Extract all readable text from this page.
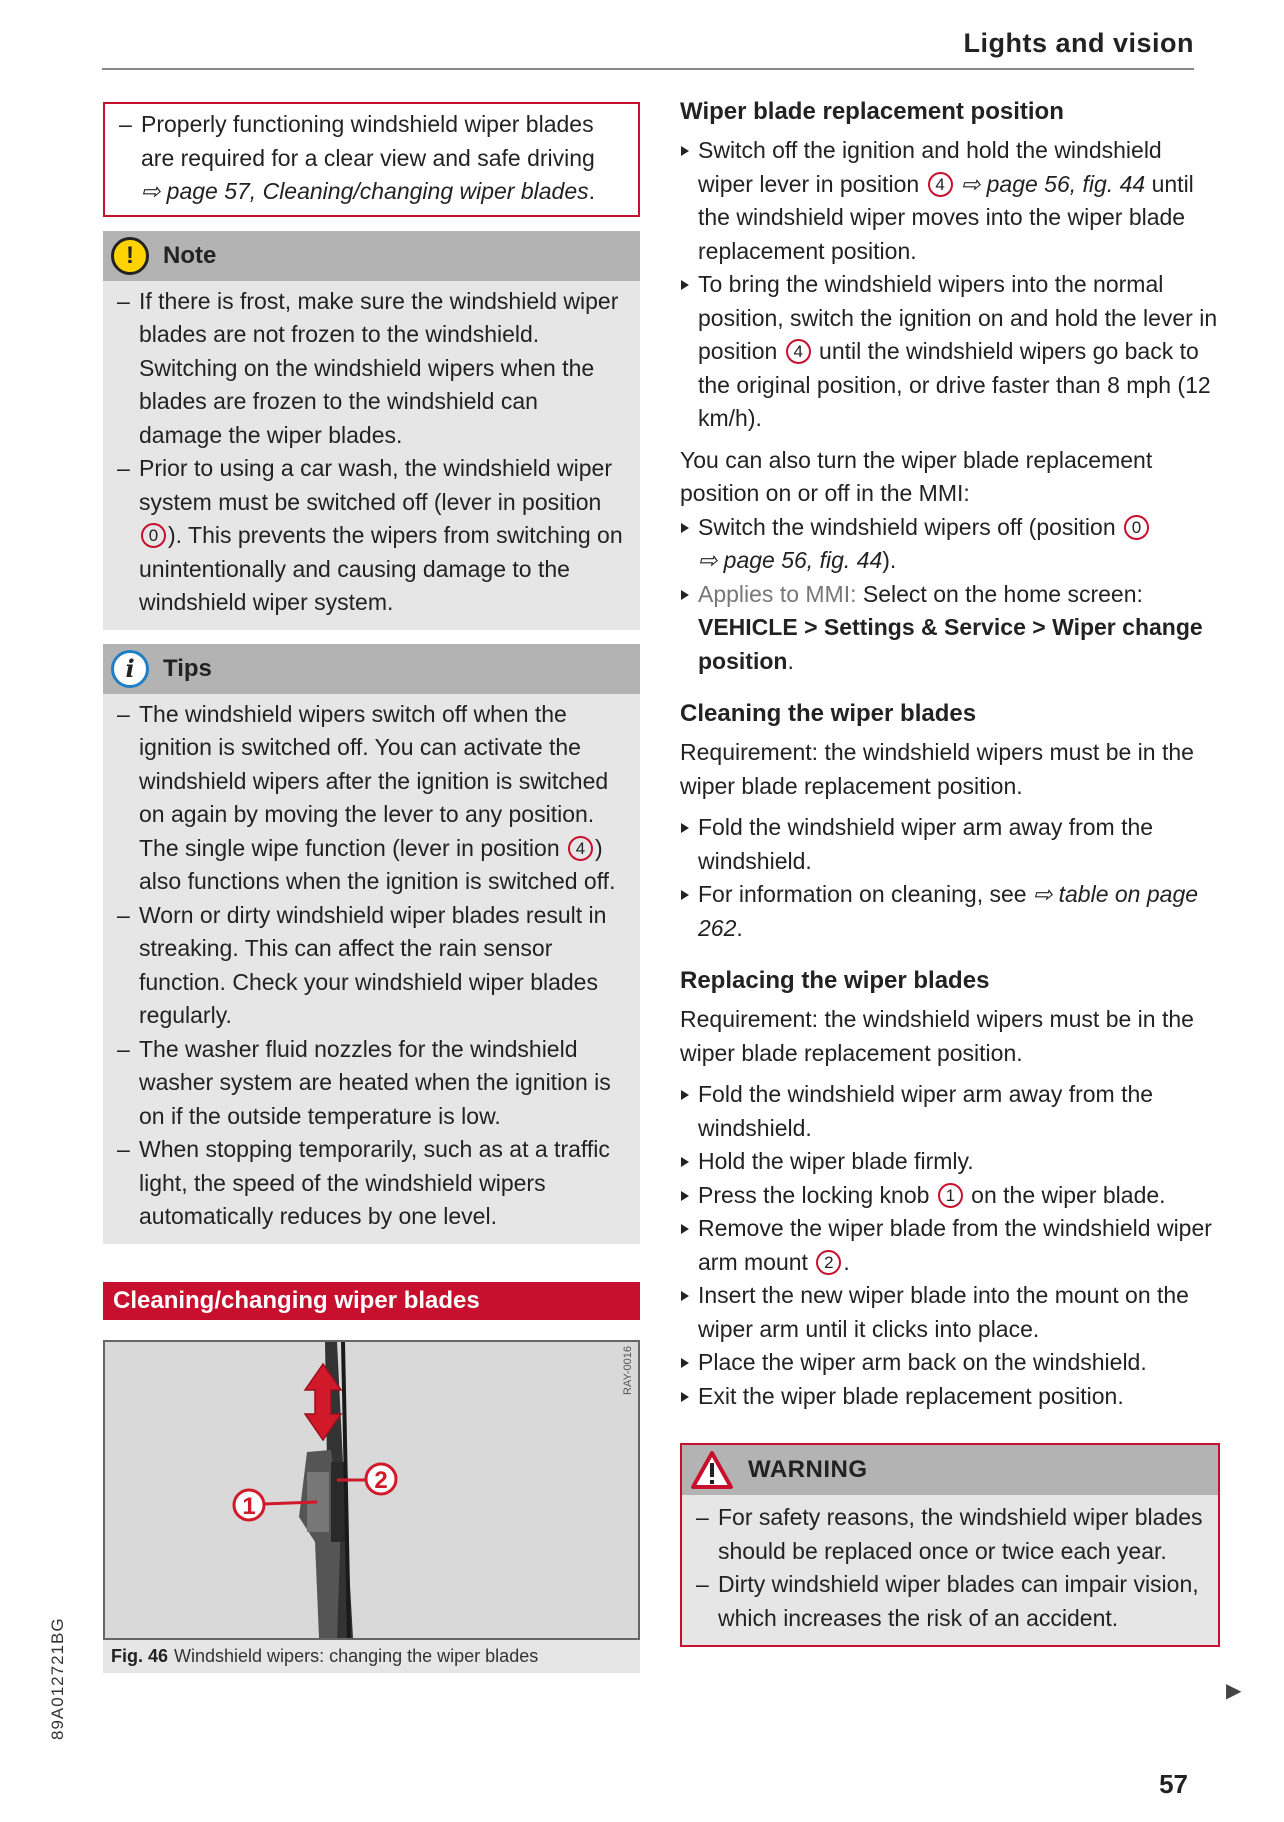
Lights and vision
– Properly functioning windshield wiper blades are required for a clear view and safe driving ⇨ page 57, Cleaning/changing wiper blades.
!	Note
– If there is frost, make sure the windshield wiper blades are not frozen to the windshield. Switching on the windshield wipers when the blades are frozen to the windshield can damage the wiper blades.
– Prior to using a car wash, the windshield wiper system must be switched off (lever in position 0 ). This prevents the wipers from switching on unintentionally and causing damage to the windshield wiper system.
i	Tips
– The windshield wipers switch off when the ignition is switched off. You can activate the windshield wipers after the ignition is switched on again by moving the lever to any position. The single wipe function (lever in position 4 ) also functions when the ignition is switched off.
– Worn or dirty windshield wiper blades result in streaking. This can affect the rain sensor function. Check your windshield wiper blades regularly.
– The washer fluid nozzles for the windshield washer system are heated when the ignition is on if the outside temperature is low.
– When stopping temporarily, such as at a traffic light, the speed of the windshield wipers automatically reduces by one level.
Cleaning/changing wiper blades
1
2
RAY-0016
Fig. 46 Windshield wipers: changing the wiper blades
Wiper blade replacement position
Switch off the ignition and hold the windshield wiper lever in position 4 ⇨ page 56, fig. 44 until the windshield wiper moves into the wiper blade replacement position.
To bring the windshield wipers into the normal position, switch the ignition on and hold the lever in position 4 until the windshield wipers go back to the original position, or drive faster than 8 mph (12 km/h).
You can also turn the wiper blade replacement position on or off in the MMI:
Switch the windshield wipers off (position 0
⇨ page 56, fig. 44).
Applies to MMI: Select on the home screen: VEHICLE > Settings & Service > Wiper change position.
Cleaning the wiper blades
Requirement: the windshield wipers must be in the wiper blade replacement position.
Fold the windshield wiper arm away from the windshield.
For information on cleaning, see ⇨ table on page 262.
Replacing the wiper blades
Requirement: the windshield wipers must be in the wiper blade replacement position.
Fold the windshield wiper arm away from the windshield.
Hold the wiper blade firmly.
Press the locking knob 1 on the wiper blade.
Remove the wiper blade from the windshield wiper arm mount 2 .
Insert the new wiper blade into the mount on the wiper arm until it clicks into place.
Place the wiper arm back on the windshield.
Exit the wiper blade replacement position.
WARNING
– For safety reasons, the windshield wiper blades should be replaced once or twice each year.
– Dirty windshield wiper blades can impair vision, which increases the risk of an accident.
▶
89A012721BG
57
